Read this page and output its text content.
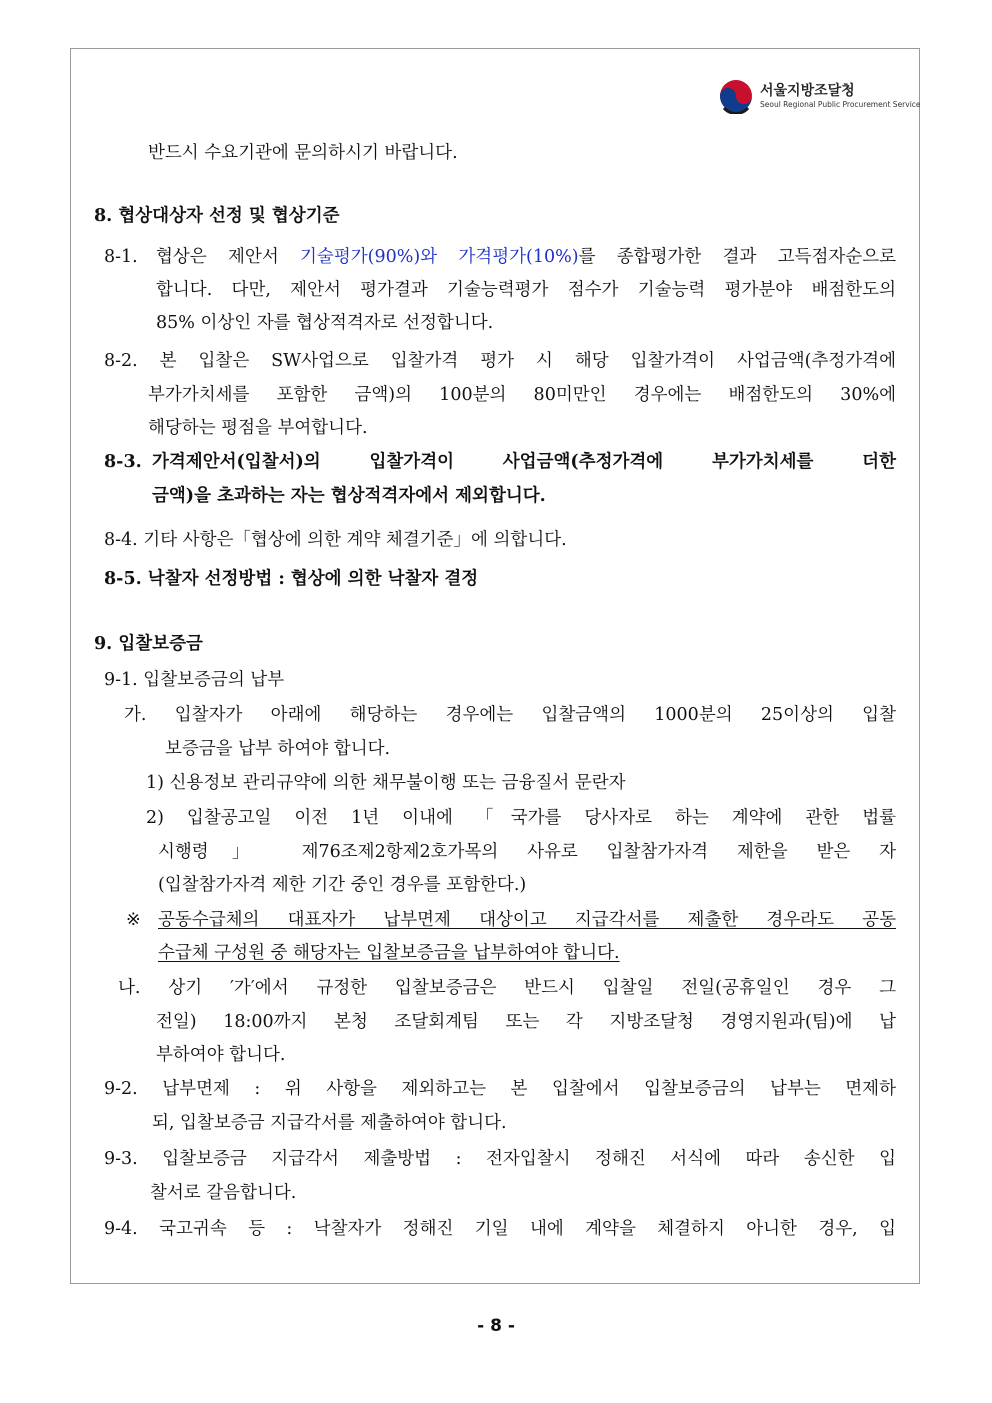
서울지방조달청
Seoul Regional Public Procurement Service
반드시 수요기관에 문의하시기 바랍니다.
8. 협상대상자 선정 및 협상기준
8-1. 협상은 제안서 기술평가(90%)와 가격평가(10%)를 종합평가한 결과 고득점자순으로
합니다. 다만, 제안서 평가결과 기술능력평가 점수가 기술능력 평가분야 배점한도의
85% 이상인 자를 협상적격자로 선정합니다.
8-2. 본 입찰은 SW사업으로 입찰가격 평가 시 해당 입찰가격이 사업금액(추정가격에
부가가치세를 포함한 금액)의 100분의 80미만인 경우에는 배점한도의 30%에
해당하는 평점을 부여합니다.
8-3. 가격제안서(입찰서)의 입찰가격이 사업금액(추정가격에 부가가치세를 더한
금액)을 초과하는 자는 협상적격자에서 제외합니다.
8-4. 기타 사항은「협상에 의한 계약 체결기준」에 의합니다.
8-5. 낙찰자 선정방법 : 협상에 의한 낙찰자 결정
9. 입찰보증금
9-1. 입찰보증금의 납부
가. 입찰자가 아래에 해당하는 경우에는 입찰금액의 1000분의 25이상의 입찰
보증금을 납부 하여야 합니다.
1) 신용정보 관리규약에 의한 채무불이행 또는 금융질서 문란자
2) 입찰공고일 이전 1년 이내에 「국가를 당사자로 하는 계약에 관한 법률
시행령」 제76조제2항제2호가목의 사유로 입찰참가자격 제한을 받은 자
(입찰참가자격 제한 기간 중인 경우를 포함한다.)
※ 공동수급체의 대표자가 납부면제 대상이고 지급각서를 제출한 경우라도 공동
수급체 구성원 중 해당자는 입찰보증금을 납부하여야 합니다.
나. 상기 ′가′에서 규정한 입찰보증금은 반드시 입찰일 전일(공휴일인 경우 그
전일) 18:00까지 본청 조달회계팀 또는 각 지방조달청 경영지원과(팀)에 납
부하여야 합니다.
9-2. 납부면제 : 위 사항을 제외하고는 본 입찰에서 입찰보증금의 납부는 면제하
되, 입찰보증금 지급각서를 제출하여야 합니다.
9-3. 입찰보증금 지급각서 제출방법 : 전자입찰시 정해진 서식에 따라 송신한 입
찰서로 갈음합니다.
9-4. 국고귀속 등 : 낙찰자가 정해진 기일 내에 계약을 체결하지 아니한 경우, 입
- 8 -
